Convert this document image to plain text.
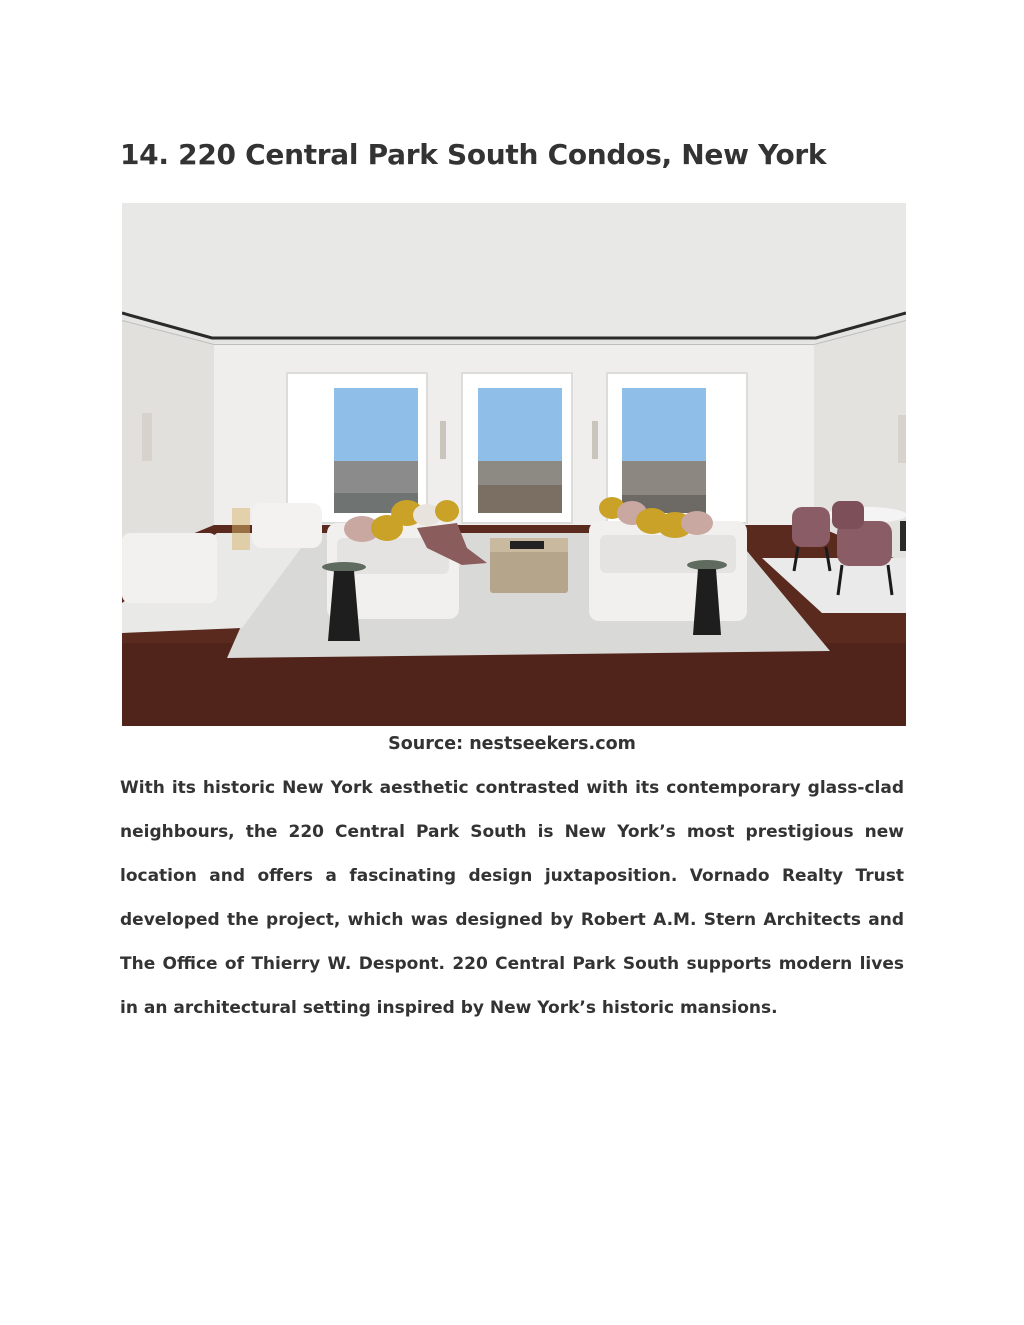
14. 220 Central Park South Condos, New York
Source: nestseekers.com

With its historic New York aesthetic contrasted with its contemporary glass-clad neighbours, the 220 Central Park South is New York’s most prestigious new location and offers a fascinating design juxtaposition. Vornado Realty Trust developed the project, which was designed by Robert A.M. Stern Architects and The Office of Thierry W. Despont. 220 Central Park South supports modern lives in an architectural setting inspired by New York’s historic mansions.
